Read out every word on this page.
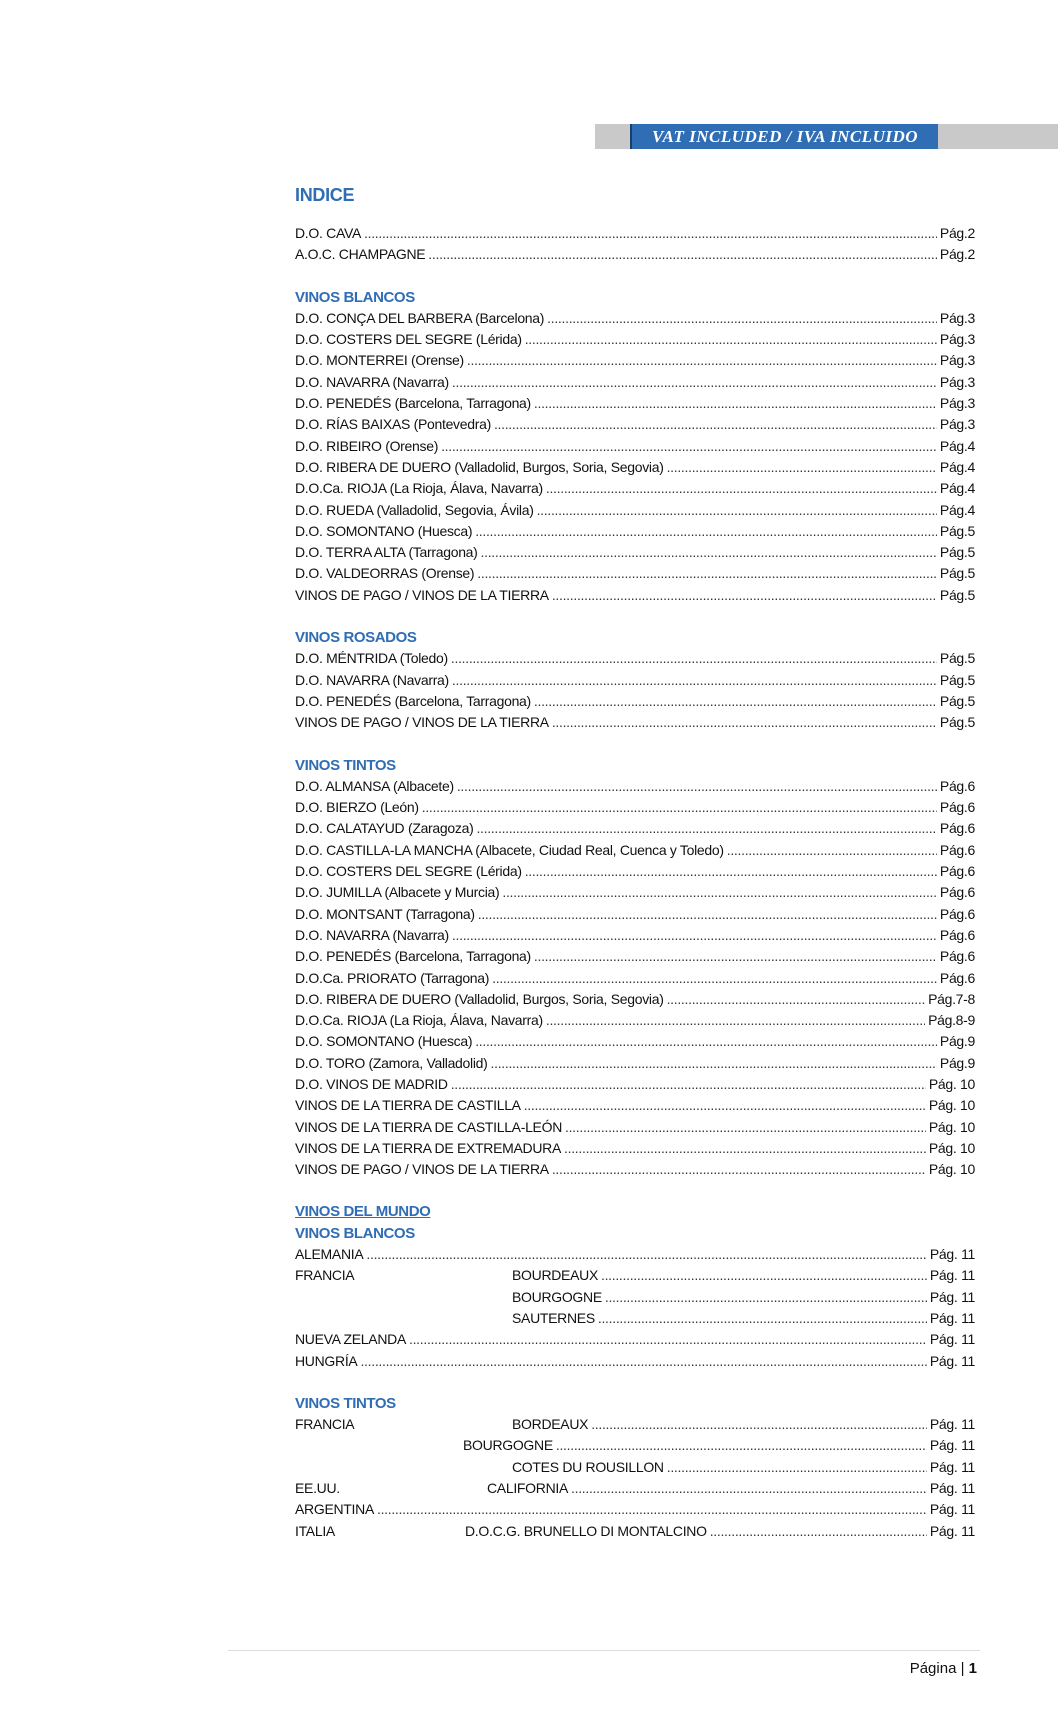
VAT INCLUDED / IVA INCLUIDO
INDICE
D.O. CAVA .....	Pág.2
A.O.C. CHAMPAGNE .....	Pág.2
VINOS BLANCOS
D.O. CONÇA DEL BARBERA (Barcelona) .....	Pág.3
D.O. COSTERS DEL SEGRE (Lérida) .....	Pág.3
D.O. MONTERREI (Orense) .....	Pág.3
D.O. NAVARRA (Navarra) .....	Pág.3
D.O. PENEDÉS (Barcelona, Tarragona) .....	Pág.3
D.O. RÍAS BAIXAS (Pontevedra) .....	Pág.3
D.O. RIBEIRO (Orense) .....	Pág.4
D.O. RIBERA DE DUERO (Valladolid, Burgos, Soria, Segovia) .....	Pág.4
D.O.Ca. RIOJA (La Rioja, Álava, Navarra) .....	Pág.4
D.O. RUEDA (Valladolid, Segovia, Ávila) .....	Pág.4
D.O. SOMONTANO (Huesca) .....	Pág.5
D.O. TERRA ALTA (Tarragona) .....	Pág.5
D.O. VALDEORRAS (Orense) .....	Pág.5
VINOS DE PAGO / VINOS DE LA TIERRA .....	Pág.5
VINOS ROSADOS
D.O. MÉNTRIDA (Toledo) .....	Pág.5
D.O. NAVARRA (Navarra) .....	Pág.5
D.O. PENEDÉS (Barcelona, Tarragona) .....	Pág.5
VINOS DE PAGO / VINOS DE LA TIERRA .....	Pág.5
VINOS TINTOS
D.O. ALMANSA (Albacete) .....	Pág.6
D.O. BIERZO (León) .....	Pág.6
D.O. CALATAYUD (Zaragoza) .....	Pág.6
D.O. CASTILLA-LA MANCHA (Albacete, Ciudad Real, Cuenca y Toledo) .....	Pág.6
D.O. COSTERS DEL SEGRE (Lérida) .....	Pág.6
D.O. JUMILLA (Albacete y Murcia) .....	Pág.6
D.O. MONTSANT (Tarragona) .....	Pág.6
D.O. NAVARRA (Navarra) .....	Pág.6
D.O. PENEDÉS (Barcelona, Tarragona) .....	Pág.6
D.O.Ca. PRIORATO (Tarragona) .....	Pág.6
D.O. RIBERA DE DUERO (Valladolid, Burgos, Soria, Segovia) .....	Pág.7-8
D.O.Ca. RIOJA (La Rioja, Álava, Navarra) .....	Pág.8-9
D.O. SOMONTANO (Huesca) .....	Pág.9
D.O. TORO (Zamora, Valladolid) .....	Pág.9
D.O. VINOS DE MADRID .....	Pág. 10
VINOS DE LA TIERRA DE CASTILLA .....	Pág. 10
VINOS DE LA TIERRA DE CASTILLA-LEÓN .....	Pág. 10
VINOS DE LA TIERRA DE EXTREMADURA .....	Pág. 10
VINOS DE PAGO / VINOS DE LA TIERRA .....	Pág. 10
VINOS DEL MUNDO
VINOS BLANCOS
ALEMANIA .....	Pág. 11
FRANCIA	BOURDEAUX .....	Pág. 11
BOURGOGNE .....	Pág. 11
SAUTERNES .....	Pág. 11
NUEVA ZELANDA .....	Pág. 11
HUNGRÍA .....	Pág. 11
VINOS TINTOS
FRANCIA	BORDEAUX .....	Pág. 11
BOURGOGNE .....	Pág. 11
COTES DU ROUSILLON .....	Pág. 11
EE.UU.	CALIFORNIA .....	Pág. 11
ARGENTINA .....	Pág. 11
ITALIA	D.O.C.G. BRUNELLO DI MONTALCINO .....	Pág. 11
Página | 1
